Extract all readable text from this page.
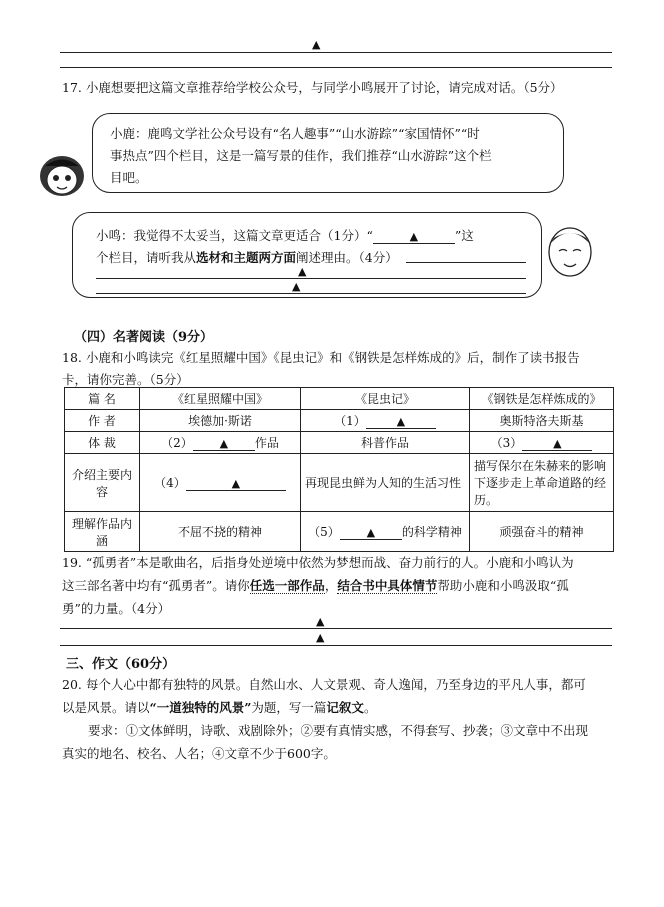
▲
17. 小鹿想要把这篇文章推荐给学校公众号，与同学小鸣展开了讨论，请完成对话。（5分）
小鹿：鹿鸣文学社公众号设有“名人趣事”“山水游踪”“家国情怀”“时
事热点”四个栏目，这是一篇写景的佳作，我们推荐“山水游踪”这个栏
目吧。
小鸣：我觉得不太妥当，这篇文章更适合（1分）“	▲	”这
个栏目，请听我从选材和主题两方面阐述理由。（4分）
▲
▲
（四）名著阅读（9分）
18. 小鹿和小鸣读完《红星照耀中国》《昆虫记》和《钢铁是怎样炼成的》后，制作了读书报告
卡，请你完善。（5分）
篇 名	《红星照耀中国》	《昆虫记》	《钢铁是怎样炼成的》
作 者	埃德加·斯诺	（1） ▲	奥斯特洛夫斯基
体 裁	（2） ▲ 作品	科普作品	（3） ▲
介绍主要内容	（4） ▲	再现昆虫鲜为人知的生活习性	描写保尔在朱赫来的影响下逐步走上革命道路的经历。
理解作品内涵	不屈不挠的精神	（5） ▲ 的科学精神	顽强奋斗的精神
19. “孤勇者”本是歌曲名，后指身处逆境中依然为梦想而战、奋力前行的人。小鹿和小鸣认为
这三部名著中均有“孤勇者”。请你任选一部作品，结合书中具体情节帮助小鹿和小鸣汲取“孤
勇”的力量。（4分）
▲
▲
三、作文（60分）
20. 每个人心中都有独特的风景。自然山水、人文景观、奇人逸闻，乃至身边的平凡人事，都可
以是风景。请以“一道独特的风景”为题，写一篇记叙文。
要求：①文体鲜明，诗歌、戏剧除外；②要有真情实感，不得套写、抄袭；③文章中不出现
真实的地名、校名、人名；④文章不少于600字。
